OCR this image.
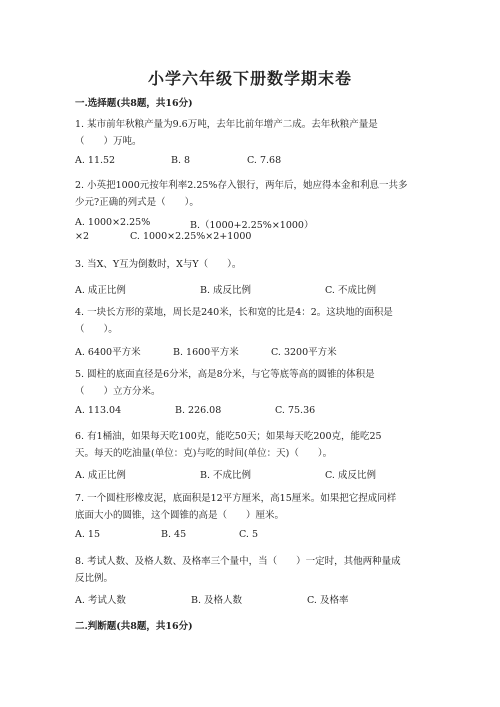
小学六年级下册数学期末卷
一.选择题(共8题，共16分)
1. 某市前年秋粮产量为9.6万吨，去年比前年增产二成。去年秋粮产量是
（　　）万吨。
A. 11.52	B. 8	C. 7.68
2. 小英把1000元按年利率2.25%存入银行，两年后，她应得本金和利息一共多
少元?正确的列式是（　　）。
A. 1000×2.25%	B.（1000+2.25%×1000）
×2	C. 1000×2.25%×2+1000
3. 当X、Y互为倒数时，X与Y（　　）。
A. 成正比例	B. 成反比例	C. 不成比例
4. 一块长方形的菜地，周长是240米，长和宽的比是4：2。这块地的面积是
（　　）。
A. 6400平方米	B. 1600平方米	C. 3200平方米
5. 圆柱的底面直径是6分米，高是8分米，与它等底等高的圆锥的体积是
（　　）立方分米。
A. 113.04	B. 226.08	C. 75.36
6. 有1桶油，如果每天吃100克，能吃50天；如果每天吃200克，能吃25
天。每天的吃油量(单位：克)与吃的时间(单位：天)（　　）。
A. 成正比例	B. 不成比例	C. 成反比例
7. 一个圆柱形橡皮泥，底面积是12平方厘米，高15厘米。如果把它捏成同样
底面大小的圆锥，这个圆锥的高是（　　）厘米。
A. 15	B. 45	C. 5
8. 考试人数、及格人数、及格率三个量中，当（　　）一定时，其他两种量成
反比例。
A. 考试人数	B. 及格人数	C. 及格率
二.判断题(共8题，共16分)
